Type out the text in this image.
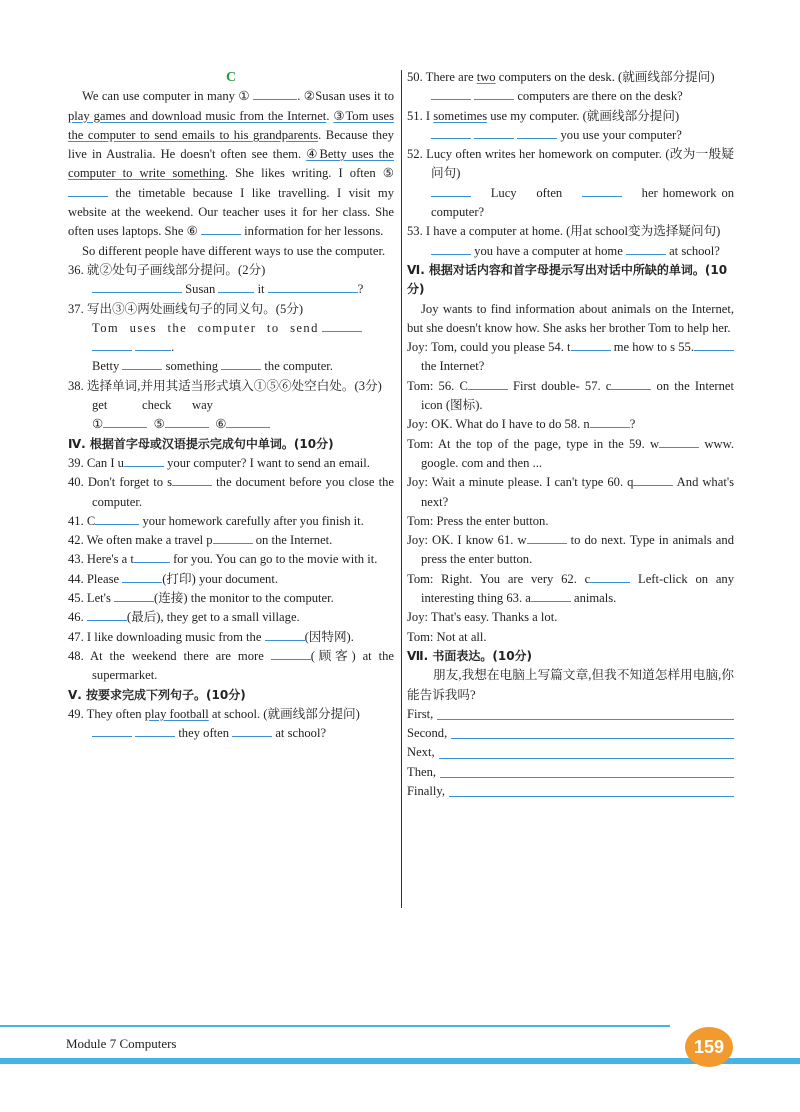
C
We can use computer in many ①	. ②Susan uses it to play games and download music from the Internet. ③Tom uses the computer to send emails to his grandparents. Because they live in Australia. He doesn't often see them. ④Betty uses the computer to write something. She likes writing. I often ⑤  the timetable because I like travelling. I visit my website at the weekend. Our teacher uses it for her class. She often uses laptops. She ⑥	information for her lessons.
So different people have different ways to use the computer.
36. 就②处句子画线部分提问。(2分)
Susan	it	?
37. 写出③④两处画线句子的同义句。(5分)
Tom uses the computer to send
.
Betty	something	the computer.
38. 选择单词,并用其适当形式填入①⑤⑥处空白处。(3分)
get	check way
①	⑤	⑥
Ⅳ. 根据首字母或汉语提示完成句中单词。(10分)
39. Can I u	your computer? I want to send an email.
40. Don't forget to s	the document before you close the computer.
41. C	your homework carefully after you finish it.
42. We often make a travel p	on the Internet.
43. Here's a t	for you. You can go to the movie with it.
44. Please	(打印) your document.
45. Let's	(连接) the monitor to the computer.
46.	(最后), they get to a small village.
47. I like downloading music from the	(因特网).
48. At the weekend there are more	(顾客) at the supermarket.
Ⅴ. 按要求完成下列句子。(10分)
49. They often play football at school. (就画线部分提问)
they often	at school?
50. There are two computers on the desk. (就画线部分提问)
computers are there on the desk?
51. I sometimes use my computer. (就画线部分提问)
you use your computer?
52. Lucy often writes her homework on computer. (改为一般疑问句)
Lucy often	her homework on computer?
53. I have a computer at home. (用at school变为选择疑问句)
you have a computer at home	at school?
Ⅵ. 根据对话内容和首字母提示写出对话中所缺的单词。(10分)
Joy wants to find information about animals on the Internet, but she doesn't know how. She asks her brother Tom to help her.
Joy: Tom, could you please 54. t	me how to s 55. the Internet?
Tom: 56. C	First double- 57. c	on the Internet icon (图标).
Joy: OK. What do I have to do 58. n	?
Tom: At the top of the page, type in the 59. w	www. google. com and then ...
Joy: Wait a minute please. I can't type 60. q	And what's next?
Tom: Press the enter button.
Joy: OK. I know 61. w	to do next. Type in animals and press the enter button.
Tom: Right. You are very 62. c	Left-click on any interesting thing 63. a	animals.
Joy: That's easy. Thanks a lot.
Tom: Not at all.
Ⅶ. 书面表达。(10分)
朋友,我想在电脑上写篇文章,但我不知道怎样用电脑,你能告诉我吗?
First,
Second,
Next,
Then,
Finally,
Module 7 Computers	159
